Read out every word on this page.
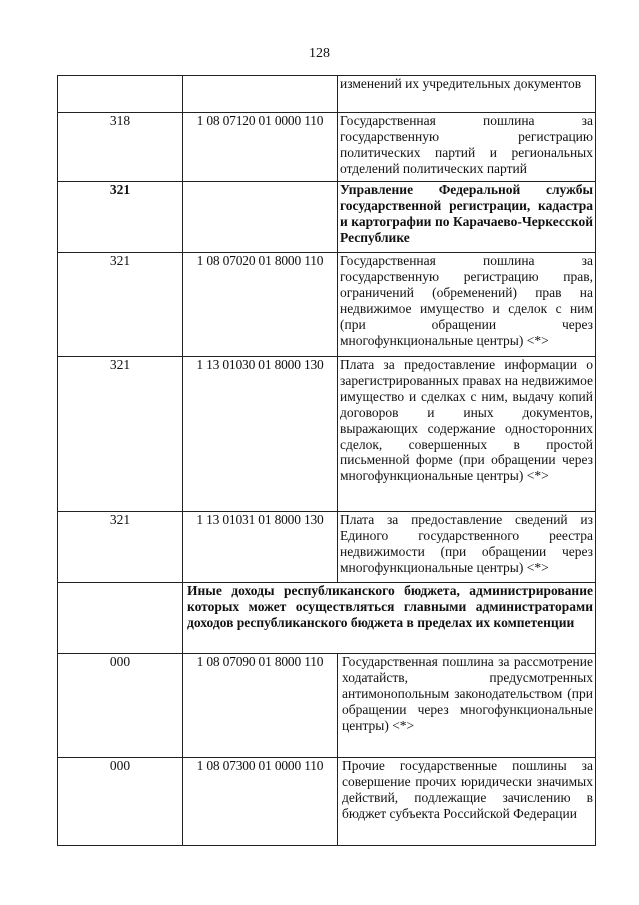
128
		изменений их учредительных документов
318	1 08 07120 01 0000 110	Государственная пошлина за государственную регистрацию политических партий и региональных отделений политических партий
321		Управление Федеральной службы государственной регистрации, кадастра и картографии по Карачаево-Черкесской Республике
321	1 08 07020 01 8000 110	Государственная пошлина за государственную регистрацию прав, ограничений (обременений) прав на недвижимое имущество и сделок с ним (при обращении через многофункциональные центры) <*>
321	1 13 01030 01 8000 130	Плата за предоставление информации о зарегистрированных правах на недвижимое имущество и сделках с ним, выдачу копий договоров и иных документов, выражающих содержание односторонних сделок, совершенных в простой письменной форме (при обращении через многофункциональные центры) <*>
321	1 13 01031 01 8000 130	Плата за предоставление сведений из Единого государственного реестра недвижимости (при обращении через многофункциональные центры) <*>
	Иные доходы республиканского бюджета, администрирование которых может осуществляться главными администраторами доходов республиканского бюджета в пределах их компетенции	
000	1 08 07090 01 8000 110	Государственная пошлина за рассмотрение ходатайств, предусмотренных антимонопольным законодательством (при обращении через многофункциональные центры) <*>
000	1 08 07300 01 0000 110	Прочие государственные пошлины за совершение прочих юридически значимых действий, подлежащие зачислению в бюджет субъекта Российской Федерации
